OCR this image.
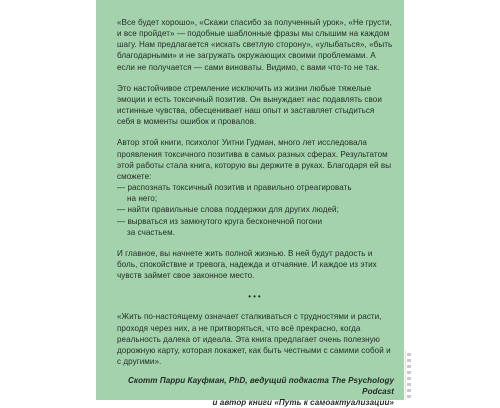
«Все будет хорошо», «Скажи спасибо за полученный урок», «Не грусти, и все пройдет» — подобные шаблонные фразы мы слышим на каждом шагу. Нам предлагается «искать светлую сторону», «улыбаться», «быть благодарными» и не загружать окружающих своими проблемами. А если не получается — сами виноваты. Видимо, с вами что-то не так.

Это настойчивое стремление исключить из жизни любые тяжелые эмоции и есть токсичный позитив. Он вынуждает нас подавлять свои истинные чувства, обесценивает наш опыт и заставляет стыдиться себя в моменты ошибок и провалов.

Автор этой книги, психолог Уитни Гудман, много лет исследовала проявления токсичного позитива в самых разных сферах. Результатом этой работы стала книга, которую вы держите в руках. Благодаря ей вы сможете:

— распознать токсичный позитив и правильно отреагировать
на него;

— найти правильные слова поддержки для других людей;

— вырваться из замкнутого круга бесконечной погони
за счастьем.

И главное, вы начнете жить полной жизнью. В ней будут радость и боль, спокойствие и тревога, надежда и отчаяние. И каждое из этих чувств займет свое законное место.

•••

«Жить по-настоящему означает сталкиваться с трудностями и расти, проходя через них, а не притворяться, что всё прекрасно, когда реальность далека от идеала. Эта книга предлагает очень полезную дорожную карту, которая покажет, как быть честными с самими собой и с другими».

Скотт Парри Кауфман, PhD, ведущий подкаста The Psychology Podcast
и автор книги «Путь к самоактуализации»
